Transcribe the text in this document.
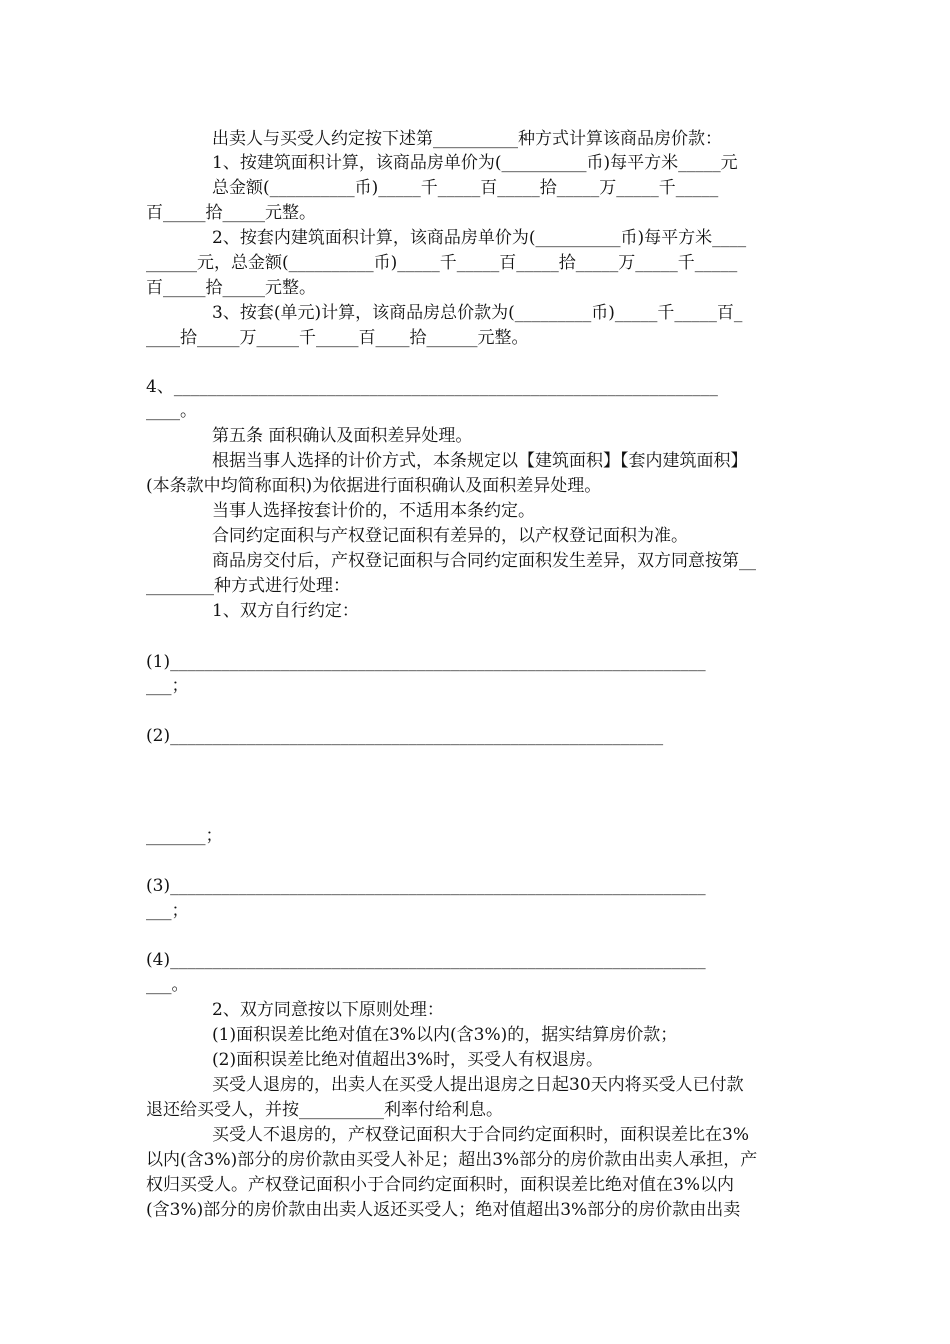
出卖人与买受人约定按下述第__________种方式计算该商品房价款：
1、按建筑面积计算，该商品房单价为(__________币)每平方米_____元
总金额(__________币)_____千_____百_____拾_____万_____千_____
百_____拾_____元整。
2、按套内建筑面积计算，该商品房单价为(__________币)每平方米____
______元，总金额(__________币)_____千_____百_____拾_____万_____千_____
百_____拾_____元整。
3、按套(单元)计算，该商品房总价款为(_________币)_____千_____百_
____拾_____万_____千_____百____拾______元整。
4、________________________________________________________________
____。
第五条 面积确认及面积差异处理。
根据当事人选择的计价方式，本条规定以【建筑面积】【套内建筑面积】
(本条款中均简称面积)为依据进行面积确认及面积差异处理。
当事人选择按套计价的，不适用本条约定。
合同约定面积与产权登记面积有差异的，以产权登记面积为准。
商品房交付后，产权登记面积与合同约定面积发生差异，双方同意按第__
________种方式进行处理：
1、双方自行约定：
(1)_______________________________________________________________
___；
(2)__________________________________________________________
_______；
(3)_______________________________________________________________
___；
(4)_______________________________________________________________
___。
2、双方同意按以下原则处理：
(1)面积误差比绝对值在3%以内(含3%)的，据实结算房价款；
(2)面积误差比绝对值超出3%时，买受人有权退房。
买受人退房的，出卖人在买受人提出退房之日起30天内将买受人已付款
退还给买受人，并按__________利率付给利息。
买受人不退房的，产权登记面积大于合同约定面积时，面积误差比在3%
以内(含3%)部分的房价款由买受人补足；超出3%部分的房价款由出卖人承担，产
权归买受人。产权登记面积小于合同约定面积时，面积误差比绝对值在3%以内
(含3%)部分的房价款由出卖人返还买受人；绝对值超出3%部分的房价款由出卖
